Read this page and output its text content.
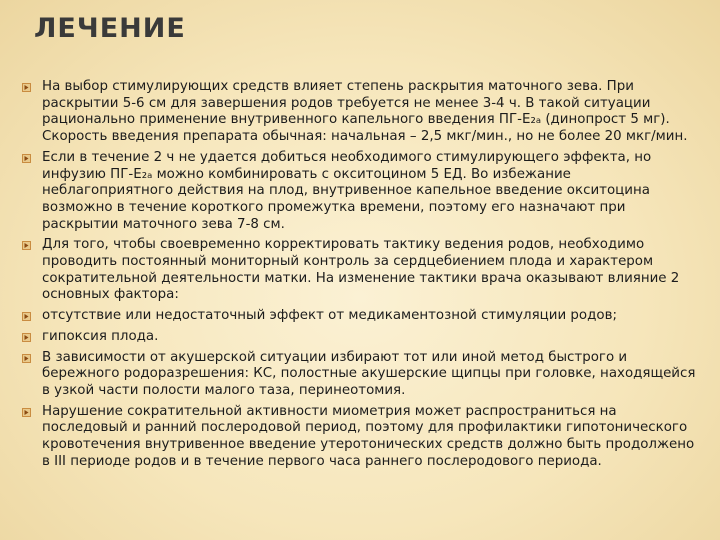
ЛЕЧЕНИЕ
На выбор стимулирующих средств влияет степень раскрытия маточного зева. При раскрытии 5-6 см для завершения родов требуется не менее 3-4 ч. В такой ситуации рационально применение внутривенного капельного введения ПГ-Е₂ₐ (динопрост 5 мг). Скорость введения препарата обычная: начальная – 2,5 мкг/мин., но не более 20 мкг/мин.
Если в течение 2 ч не удается добиться необходимого стимулирующего эффекта, но инфузию ПГ-Е₂ₐ можно комбинировать с окситоцином 5 ЕД. Во избежание неблагоприятного действия на плод, внутривенное капельное введение окситоцина возможно в течение короткого промежутка времени, поэтому его назначают при раскрытии маточного зева 7-8 см.
Для того, чтобы своевременно корректировать тактику ведения родов, необходимо проводить постоянный мониторный контроль за сердцебиением плода и характером сократительной деятельности матки. На изменение тактики врача оказывают влияние 2 основных фактора:
отсутствие или недостаточный эффект от медикаментозной стимуляции родов;
гипоксия плода.
В зависимости от акушерской ситуации избирают тот или иной метод быстрого и бережного родоразрешения: КС, полостные акушерские щипцы при головке, находящейся в узкой части полости малого таза, перинеотомия.
Нарушение сократительной активности миометрия может распространиться на последовый и ранний послеродовой период, поэтому для профилактики гипотонического кровотечения внутривенное введение утеротонических средств должно быть продолжено в III периоде родов и в течение первого часа раннего послеродового периода.
